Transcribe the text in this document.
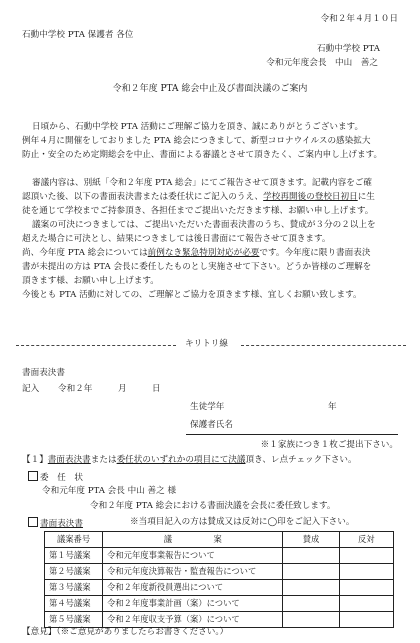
令和２年４月１０日
石動中学校 PTA 保護者 各位
石動中学校 PTA
令和元年度会長　中山　善之
令和２年度 PTA 総会中止及び書面決議のご案内
日頃から、石動中学校 PTA 活動にご理解ご協力を頂き、誠にありがとうございます。
例年４月に開催をしておりました PTA 総会につきまして、新型コロナウイルスの感染拡大
防止・安全のため定期総会を中止、書面による審議とさせて頂きたく、ご案内申し上げます。
審議内容は、別紙「令和２年度 PTA 総会」にてご報告させて頂きます。記載内容をご確
認頂いた後、以下の書面表決書または委任状にご記入のうえ、学校再開後の登校日初日に生
徒を通じて学校までご持参頂き、各担任までご提出いただきます様、お願い申し上げます。
議案の可決につきましては、ご提出いただいた書面表決書のうち、賛成が３分の２以上を
超えた場合に可決とし、結果につきましては後日書面にて報告させて頂きます。
尚、今年度 PTA 総会については前例なき緊急特別対応が必要です。今年度に限り書面表決
書が未提出の方は PTA 会長に委任したものとし実施させて下さい。どうか皆様のご理解を
頂きます様、お願い申し上げます。
今後とも PTA 活動に対しての、ご理解とご協力を頂きます様、宜しくお願い致します。
キリトリ線
書面表決書
記入 令和２年	月	日
生徒学年	年
保護者氏名
※１家族につき１枚ご提出下さい。
【１】書面表決書または委任状のいずれかの項目にて決議頂き、レ点チェック下さい。
委　任　状
令和元年度 PTA 会長 中山 善之 様
令和２年度 PTA 総会における書面決議を会長に委任致します。
書面表決書	※当項目記入の方は賛成又は反対に◯印をご記入下さい。
議案番号	議　　　　　案	賛成	反対
第１号議案	令和元年度事業報告について		
第２号議案	令和元年度決算報告・監査報告について		
第３号議案	令和２年度新役員選出について		
第４号議案	令和２年度事業計画（案）について		
第５号議案	令和２年度収支予算（案）について		
【意見】（※ご意見がありましたらお書きください。）
